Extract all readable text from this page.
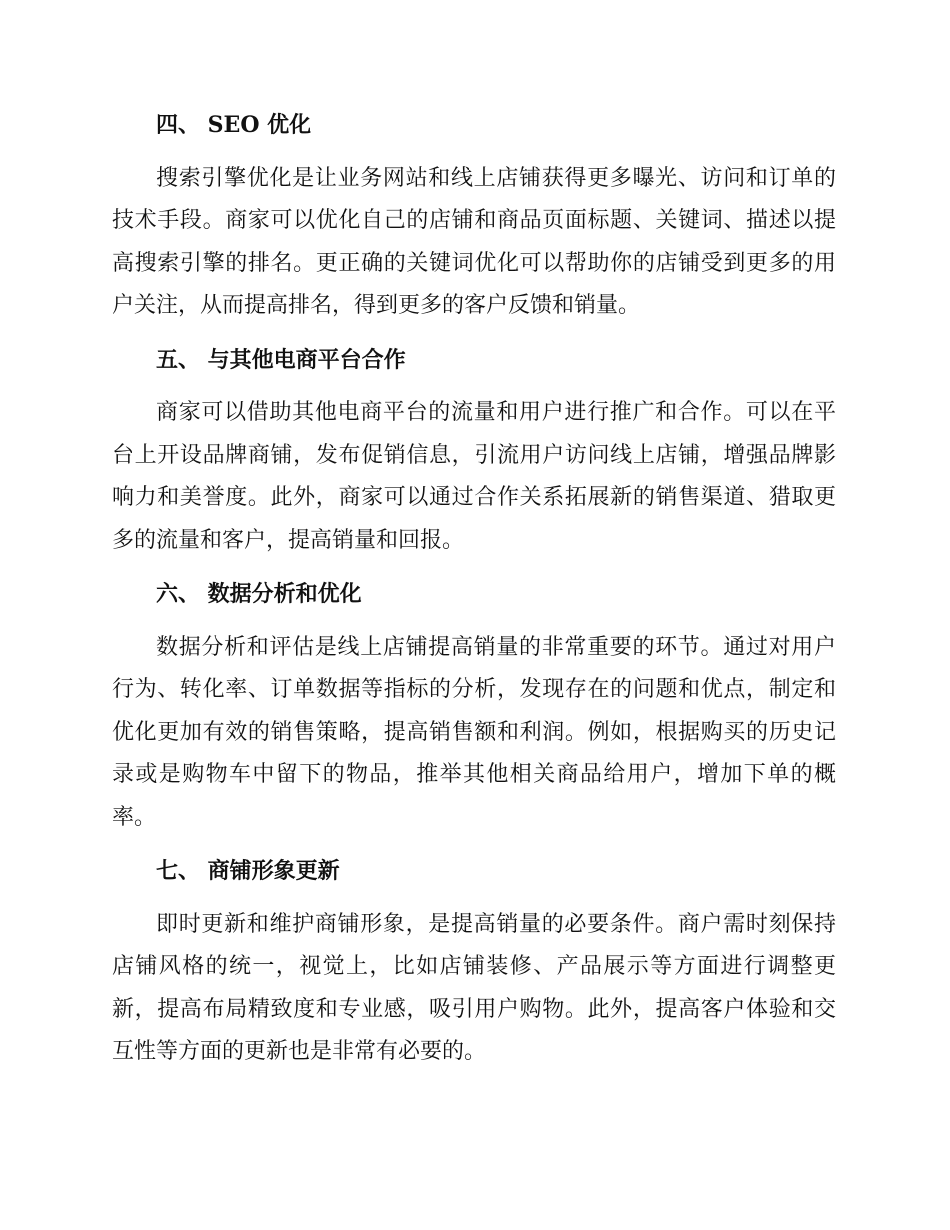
四、 SEO 优化

搜索引擎优化是让业务网站和线上店铺获得更多曝光、访问和订单的技术手段。商家可以优化自己的店铺和商品页面标题、关键词、描述以提高搜索引擎的排名。更正确的关键词优化可以帮助你的店铺受到更多的用户关注，从而提高排名，得到更多的客户反馈和销量。

五、 与其他电商平台合作

商家可以借助其他电商平台的流量和用户进行推广和合作。可以在平台上开设品牌商铺，发布促销信息，引流用户访问线上店铺，增强品牌影响力和美誉度。此外，商家可以通过合作关系拓展新的销售渠道、猎取更多的流量和客户，提高销量和回报。

六、 数据分析和优化

数据分析和评估是线上店铺提高销量的非常重要的环节。通过对用户行为、转化率、订单数据等指标的分析，发现存在的问题和优点，制定和优化更加有效的销售策略，提高销售额和利润。例如，根据购买的历史记录或是购物车中留下的物品，推举其他相关商品给用户，增加下单的概率。

七、 商铺形象更新

即时更新和维护商铺形象，是提高销量的必要条件。商户需时刻保持店铺风格的统一，视觉上，比如店铺装修、产品展示等方面进行调整更新，提高布局精致度和专业感，吸引用户购物。此外，提高客户体验和交互性等方面的更新也是非常有必要的。
